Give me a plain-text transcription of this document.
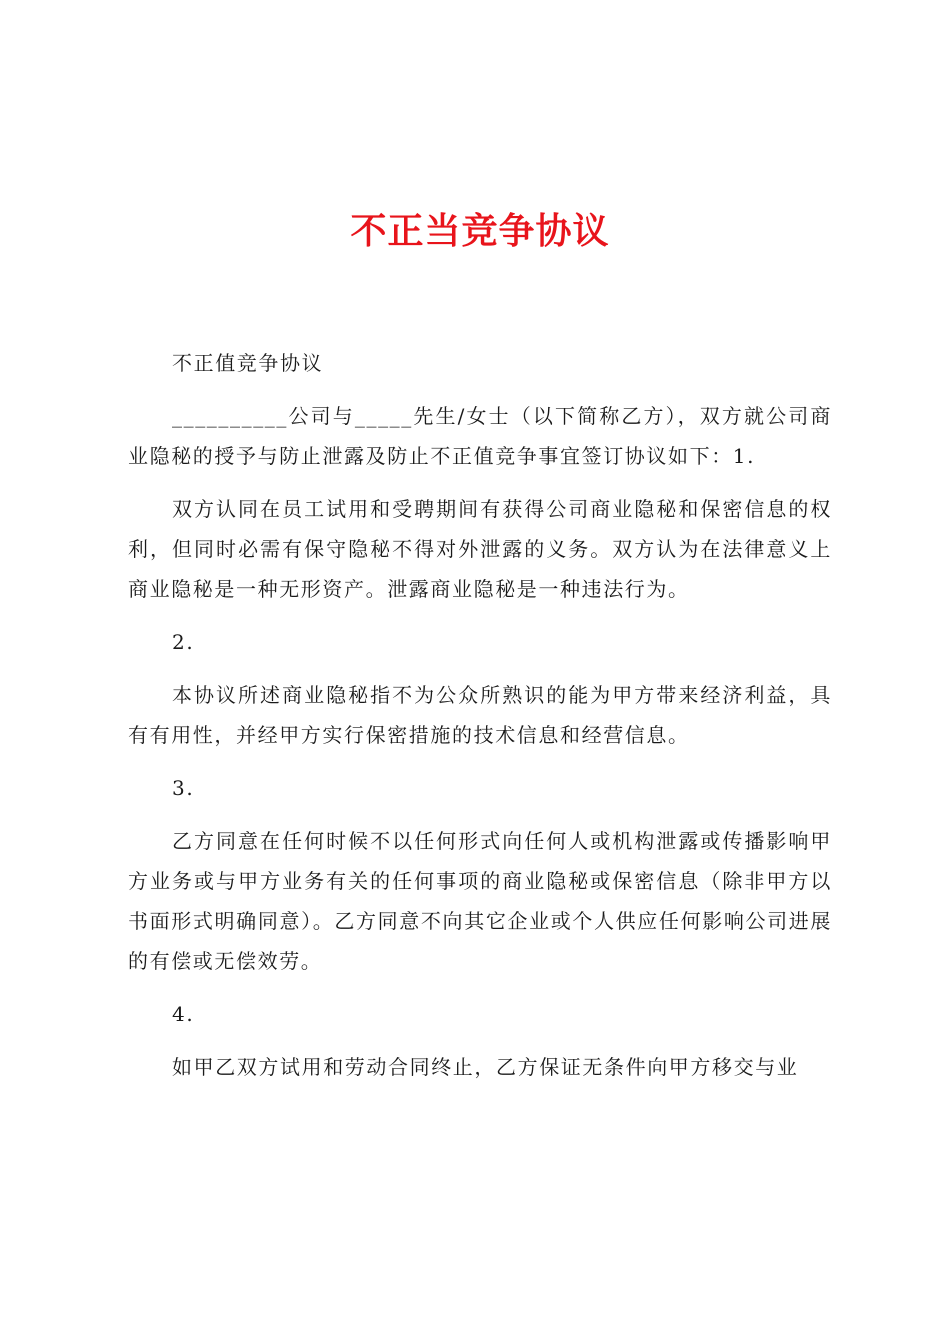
不正当竞争协议

不正值竞争协议

__________公司与_____先生/女士（以下简称乙方），双方就公司商业隐秘的授予与防止泄露及防止不正值竞争事宜签订协议如下：1.

双方认同在员工试用和受聘期间有获得公司商业隐秘和保密信息的权利，但同时必需有保守隐秘不得对外泄露的义务。双方认为在法律意义上商业隐秘是一种无形资产。泄露商业隐秘是一种违法行为。

2.

本协议所述商业隐秘指不为公众所熟识的能为甲方带来经济利益，具有有用性，并经甲方实行保密措施的技术信息和经营信息。

3.

乙方同意在任何时候不以任何形式向任何人或机构泄露或传播影响甲方业务或与甲方业务有关的任何事项的商业隐秘或保密信息（除非甲方以书面形式明确同意）。乙方同意不向其它企业或个人供应任何影响公司进展的有偿或无偿效劳。

4.

如甲乙双方试用和劳动合同终止，乙方保证无条件向甲方移交与业
